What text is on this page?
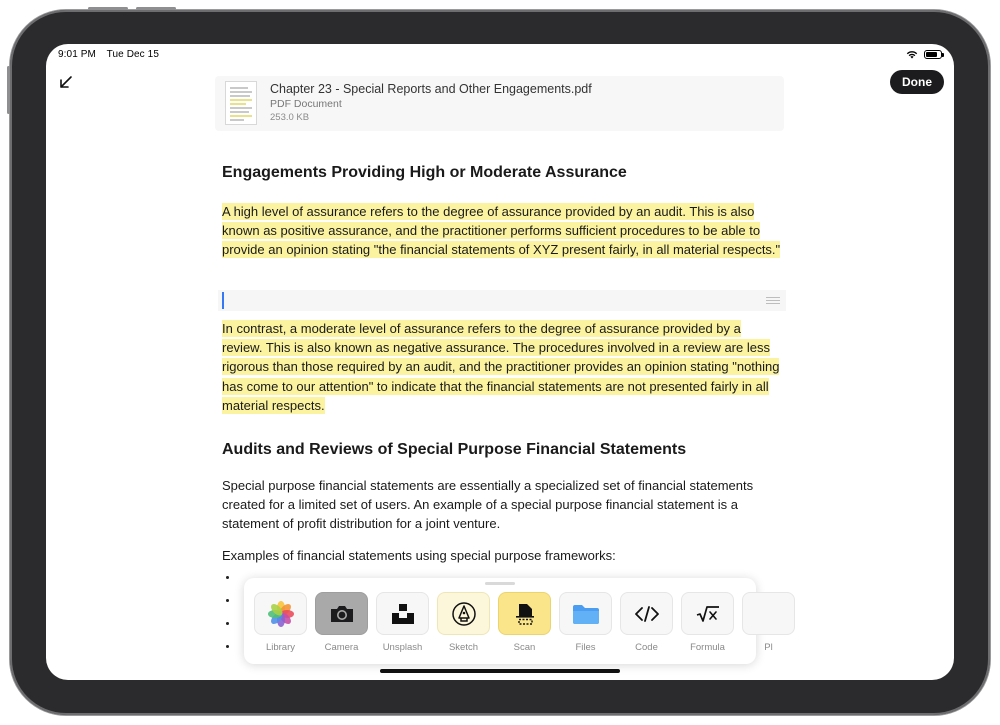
9:01 PM Tue Dec 15
Done
Chapter 23 - Special Reports and Other Engagements.pdf
PDF Document
253.0 KB
Engagements Providing High or Moderate Assurance
A high level of assurance refers to the degree of assurance provided by an audit. This is also known as positive assurance, and the practitioner performs sufficient procedures to be able to provide an opinion stating "the financial statements of XYZ present fairly, in all material respects."
In contrast, a moderate level of assurance refers to the degree of assurance provided by a review. This is also known as negative assurance. The procedures involved in a review are less rigorous than those required by an audit, and the practitioner provides an opinion stating "nothing has come to our attention" to indicate that the financial statements are not presented fairly in all material respects.
Audits and Reviews of Special Purpose Financial Statements
Special purpose financial statements are essentially a specialized set of financial statements created for a limited set of users. An example of a special purpose financial statement is a statement of profit distribution for a joint venture.
Examples of financial statements using special purpose frameworks:
Library	Camera	Unsplash	Sketch	Scan	Files	Code	Formula	Pl
